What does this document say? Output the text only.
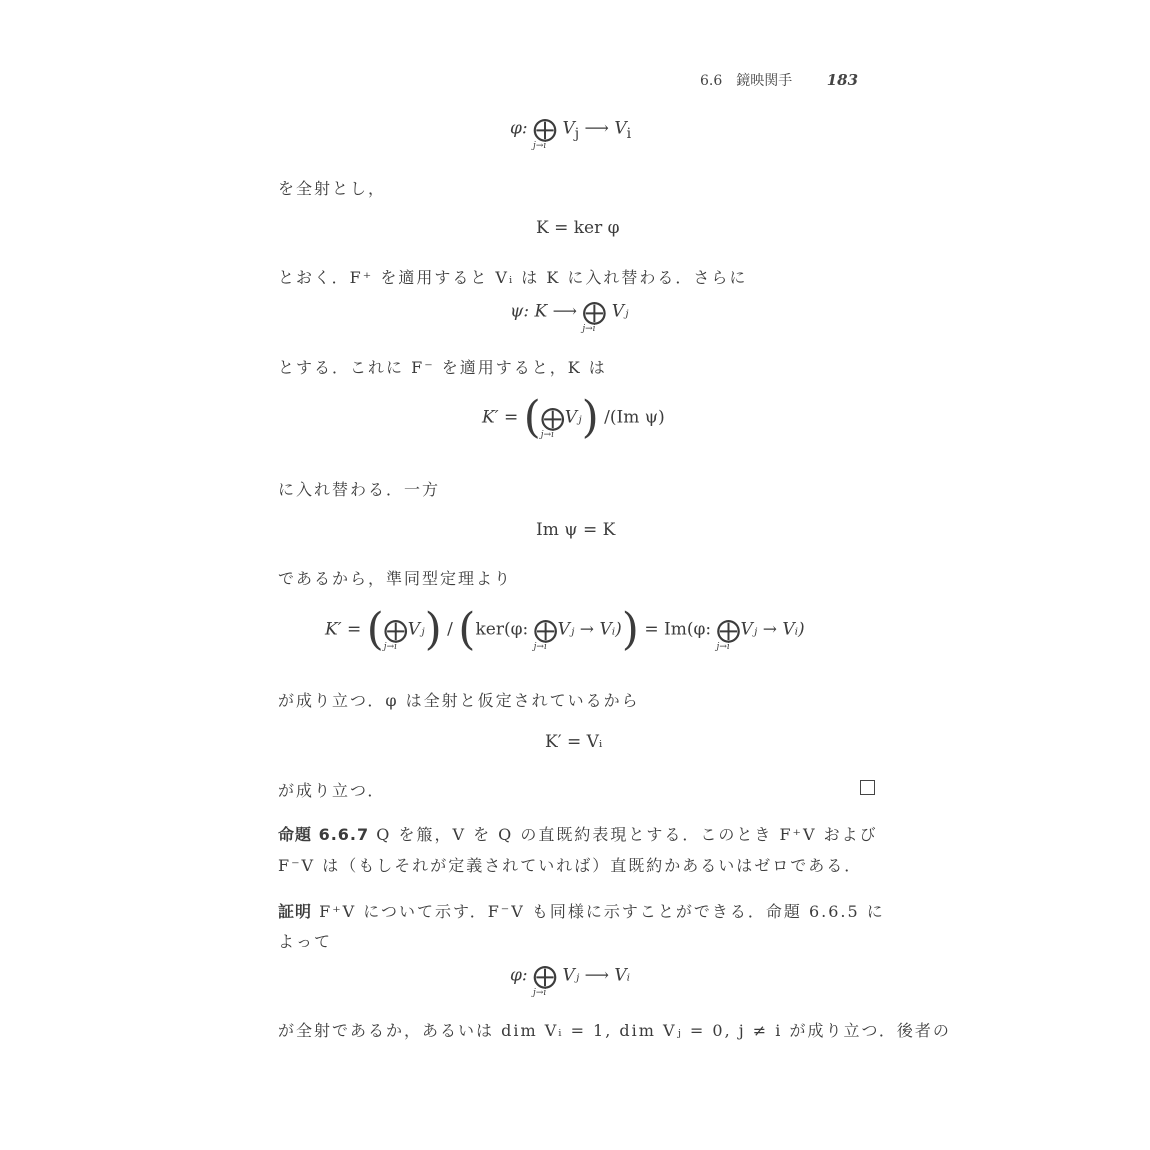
6.6　鏡映関手 183
φ: ⨁
j→i
$V_j$ ⟶ $V_i$
を全射とし，
K = ker φ
とおく．F⁺ を適用すると Vᵢ は K に入れ替わる．さらに
ψ: K ⟶ ⨁
j→i
Vⱼ
とする．これに F⁻ を適用すると，K は
K′ = (⨁
j→i
Vⱼ) /(Im ψ)
に入れ替わる．一方
Im ψ = K
であるから，準同型定理より
K′ = (⨁
j→i
Vⱼ) / (ker(φ: ⨁
j→i
Vⱼ → Vᵢ)) = Im(φ: ⨁
j→i
Vⱼ → Vᵢ)
が成り立つ．φ は全射と仮定されているから
K′ = Vᵢ
が成り立つ．
命題 6.6.7 Q を箙，V を Q の直既約表現とする．このとき F⁺V および
F⁻V は（もしそれが定義されていれば）直既約かあるいはゼロである．
証明 F⁺V について示す．F⁻V も同様に示すことができる．命題 6.6.5 に
よって
φ: ⨁
j→i
Vⱼ ⟶ Vᵢ
が全射であるか，あるいは dim Vᵢ = 1, dim Vⱼ = 0, j ≠ i が成り立つ．後者の
